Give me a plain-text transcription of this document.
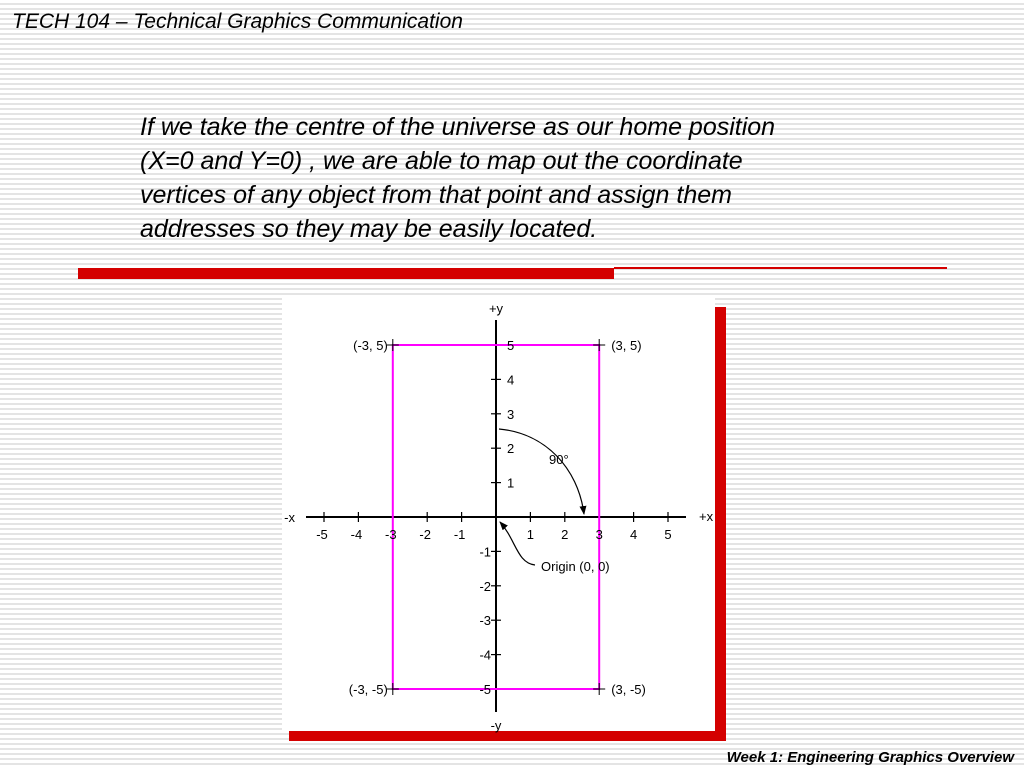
TECH 104 – Technical Graphics Communication

If we take the centre of the universe as our home position
(X=0 and Y=0) , we are able to map out the coordinate
vertices of any object from that point and assign them
addresses so they may be easily located.

+y
-y
+x
-x
-5 -4 -3 -2 -1	1 2 3 4 5
5
4
3
2
1
-1
-2
-3
-4
-5
(-3, 5)	(3, 5)
(3, -5)
(-3, -5)
90°
Origin (0, 0)
Week 1: Engineering Graphics Overview
